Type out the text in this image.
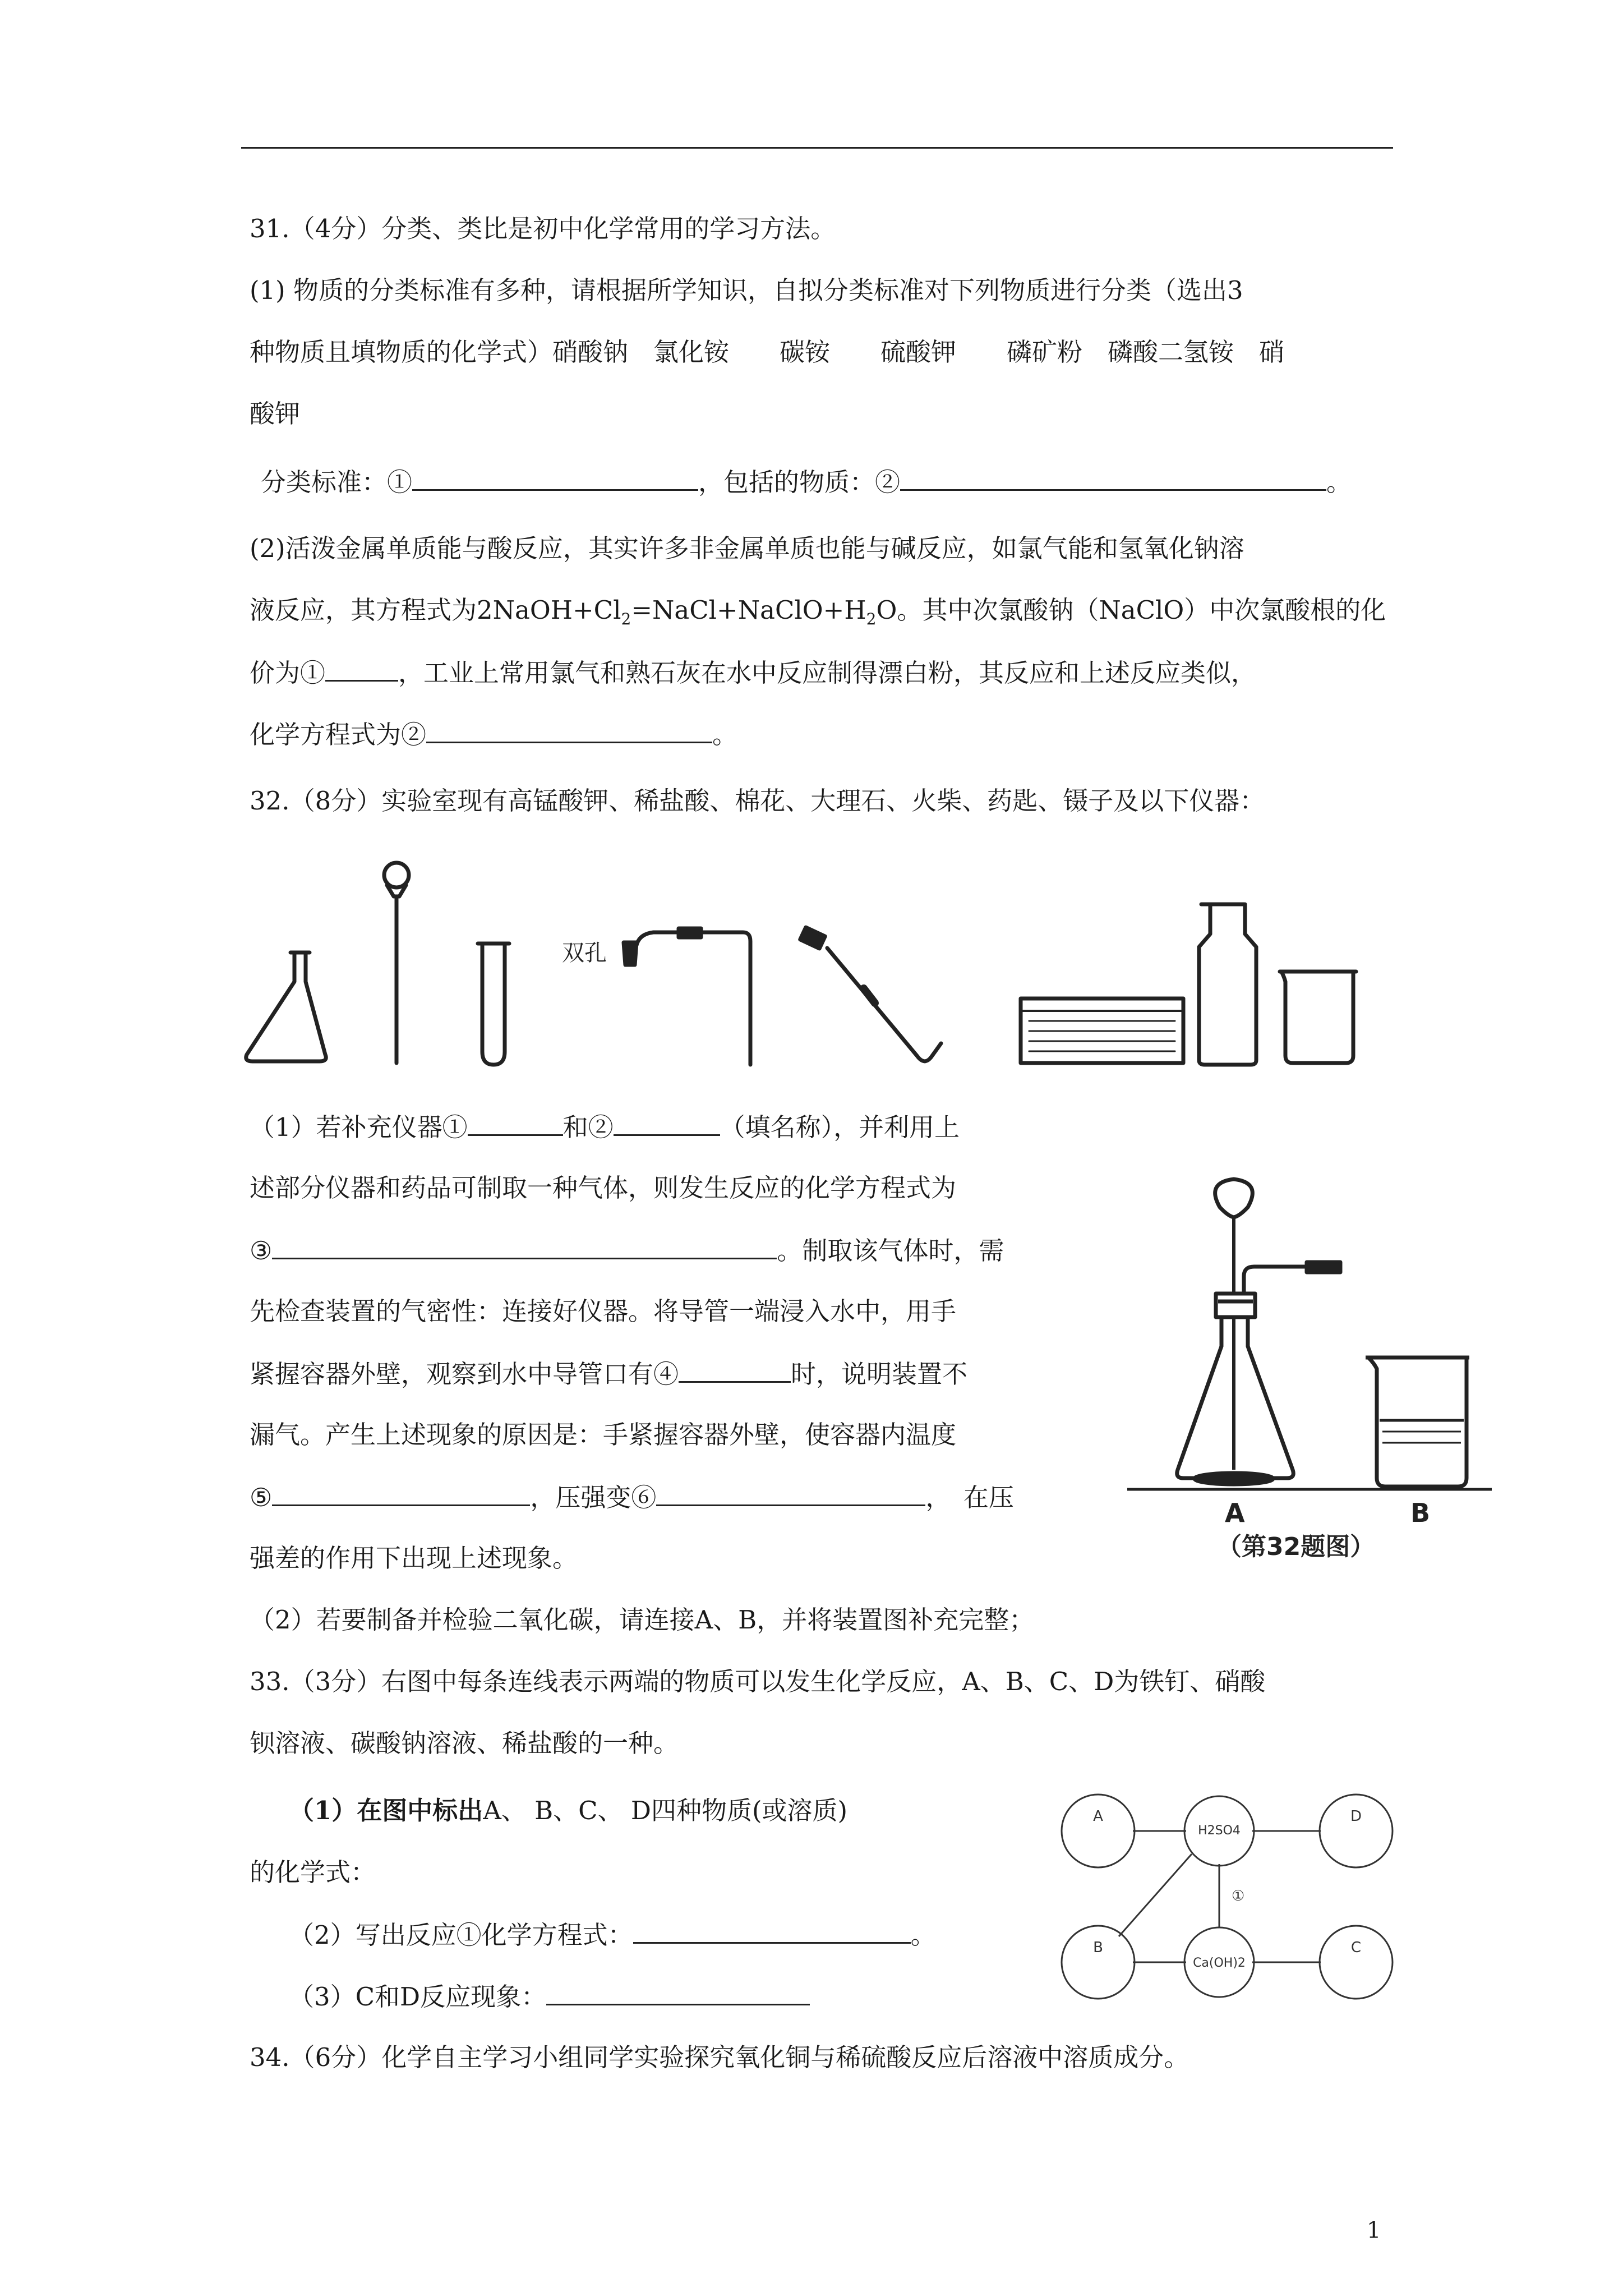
31.（4分）分类、类比是初中化学常用的学习方法。
(1) 物质的分类标准有多种，请根据所学知识，自拟分类标准对下列物质进行分类（选出3
种物质且填物质的化学式）硝酸钠　氯化铵　　碳铵　　硫酸钾　　磷矿粉　磷酸二氢铵　硝
酸钾
分类标准：①	，包括的物质：②	。
(2)活泼金属单质能与酸反应，其实许多非金属单质也能与碱反应，如氯气能和氢氧化钠溶
液反应，其方程式为$2NaOH+Cl_2=NaCl+NaClO+H_2O$。其中次氯酸钠（NaClO）中次氯酸根的化
价为①	，工业上常用氯气和熟石灰在水中反应制得漂白粉，其反应和上述反应类似，
化学方程式为②	。
32.（8分）实验室现有高锰酸钾、稀盐酸、棉花、大理石、火柴、药匙、镊子及以下仪器：
双孔
（1）若补充仪器①	和②	（填名称），并利用上
述部分仪器和药品可制取一种气体，则发生反应的化学方程式为
③	。制取该气体时，需
先检查装置的气密性：连接好仪器。将导管一端浸入水中，用手
紧握容器外壁，观察到水中导管口有④	时，说明装置不
漏气。产生上述现象的原因是：手紧握容器外壁，使容器内温度
⑤	，压强变⑥	，　在压
强差的作用下出现上述现象。
（2）若要制备并检验二氧化碳，请连接A、B，并将装置图补充完整；
A	B
（第32题图）
33.（3分）右图中每条连线表示两端的物质可以发生化学反应，A、B、C、D为铁钉、硝酸
钡溶液、碳酸钠溶液、稀盐酸的一种。
（1）在图中标出A、 B、C、 D四种物质(或溶质)
的化学式：
（2）写出反应①化学方程式：	。
（3）C和D反应现象：
A
H2SO4
D
B
Ca(OH)2
C
①
34.（6分）化学自主学习小组同学实验探究氧化铜与稀硫酸反应后溶液中溶质成分。
1
